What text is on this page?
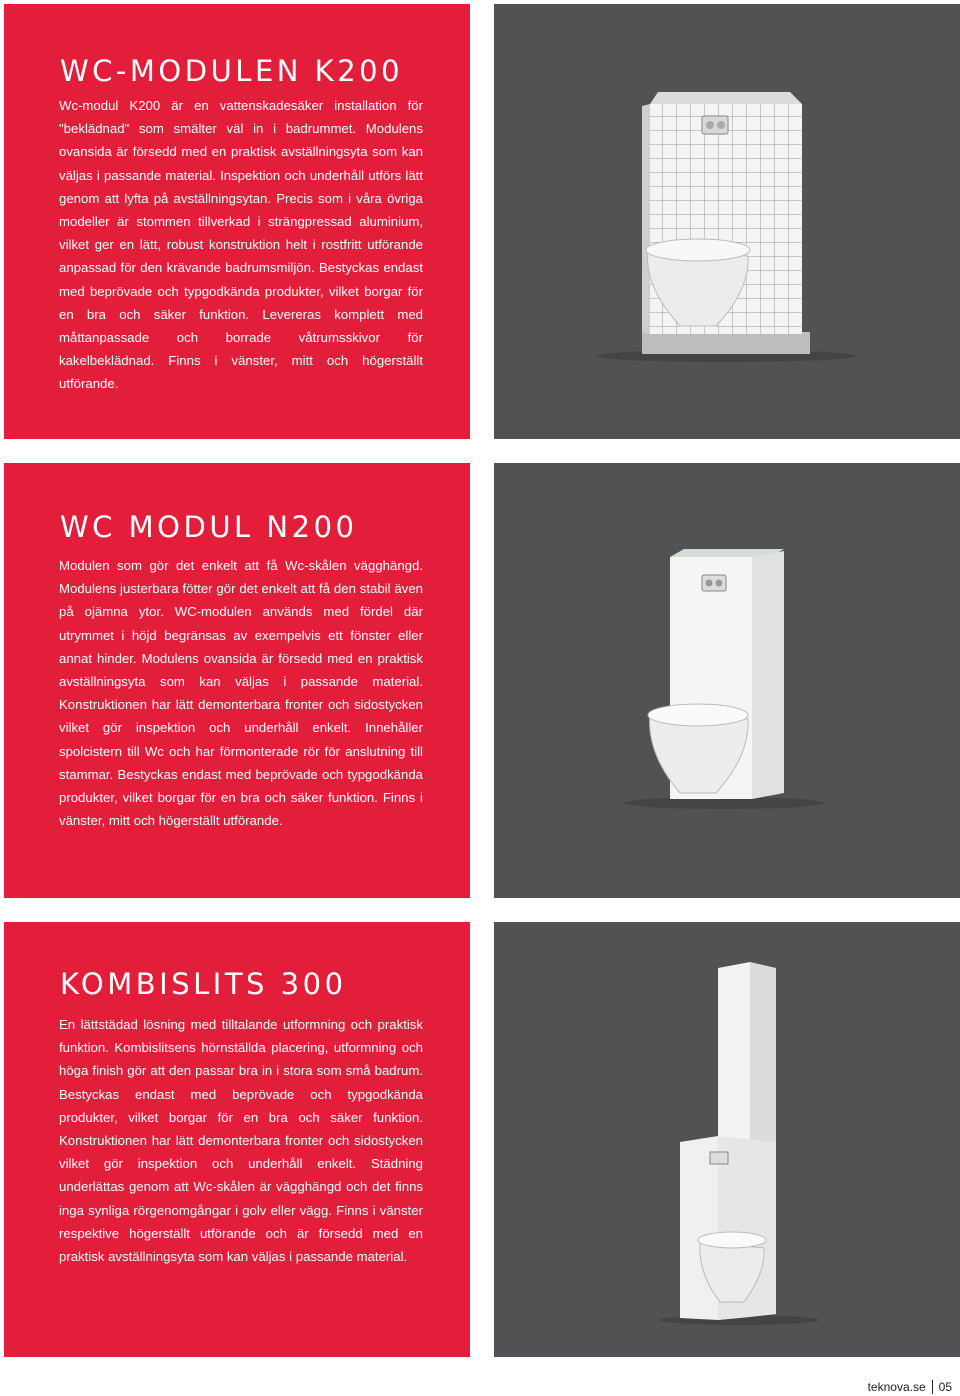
WC-MODULEN K200

Wc-modul K200 är en vattenskadesäker installation för "beklädnad" som smälter väl in i badrummet. Modulens ovansida är försedd med en praktisk avställningsyta som kan väljas i passande material. Inspektion och underhåll utförs lätt genom att lyfta på avställningsytan. Precis som i våra övriga modeller är stommen tillverkad i strängpressad aluminium, vilket ger en lätt, robust konstruktion helt i rostfritt utförande anpassad för den krävande badrumsmiljön. Bestyckas endast med beprövade och typgodkända produkter, vilket borgar för en bra och säker funktion. Levereras komplett med måttanpassade och borrade våtrumsskivor för kakelbeklädnad. Finns i vänster, mitt och högerställt utförande.

WC MODUL N200

Modulen som gör det enkelt att få Wc-skålen vägghängd. Modulens justerbara fötter gör det enkelt att få den stabil även på ojämna ytor. WC-modulen används med fördel där utrymmet i höjd begränsas av exempelvis ett fönster eller annat hinder. Modulens ovansida är försedd med en praktisk avställningsyta som kan väljas i passande material. Konstruktionen har lätt demonterbara fronter och sidostycken vilket gör inspektion och underhåll enkelt. Innehåller spolcistern till Wc och har förmonterade rör för anslutning till stammar. Bestyckas endast med beprövade och typgodkända produkter, vilket borgar för en bra och säker funktion. Finns i vänster, mitt och högerställt utförande.

KOMBISLITS 300

En lättstädad lösning med tilltalande utformning och praktisk funktion. Kombislitsens hörnställda placering, utformning och höga finish gör att den passar bra in i stora som små badrum. Bestyckas endast med beprövade och typgodkända produkter, vilket borgar för en bra och säker funktion. Konstruktionen har lätt demonterbara fronter och sidostycken vilket gör inspektion och underhåll enkelt. Städning underlättas genom att Wc-skålen är vägghängd och det finns inga synliga rörgenomgångar i golv eller vägg. Finns i vänster respektive högerställt utförande och är försedd med en praktisk avställningsyta som kan väljas i passande material.

teknova.se 05
